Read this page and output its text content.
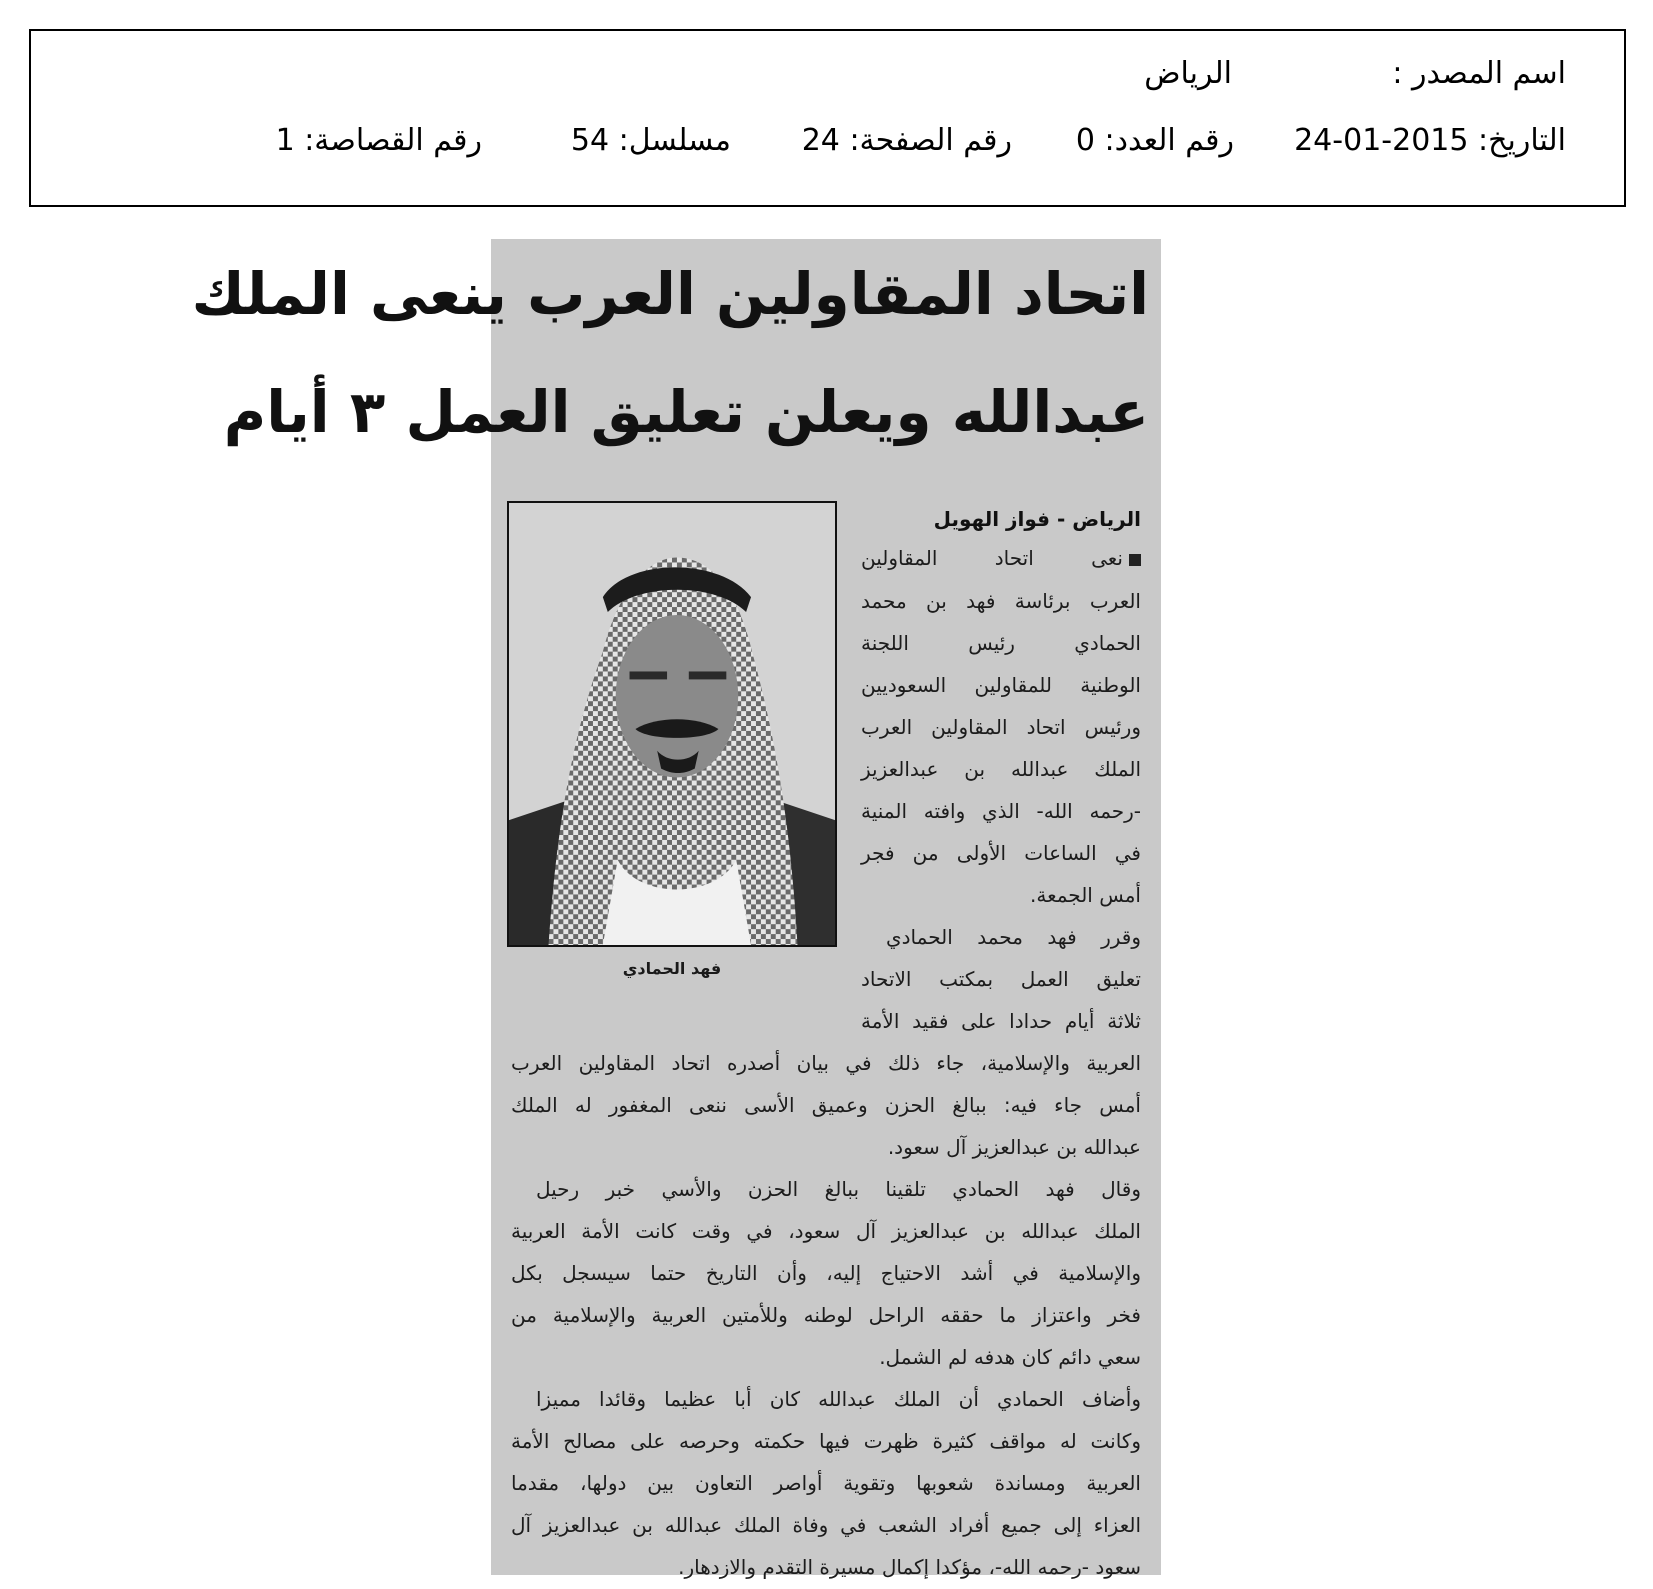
اسم المصدر :
الرياض
التاريخ: 2015-01-24
رقم العدد: 0
رقم الصفحة: 24
مسلسل: 54
رقم القصاصة: 1
اتحاد المقاولين العرب ينعى الملك
عبدالله ويعلن تعليق العمل ٣ أيام
فهد الحمادي
الرياض - فواز الهويل
نعى اتحاد المقاولين
العرب برئاسة فهد بن محمد
الحمادي رئيس اللجنة
الوطنية للمقاولين السعوديين
ورئيس اتحاد المقاولين العرب
الملك عبدالله بن عبدالعزيز
-رحمه الله- الذي وافته المنية
في الساعات الأولى من فجر
أمس الجمعة.
وقرر فهد محمد الحمادي
تعليق العمل بمكتب الاتحاد
ثلاثة أيام حدادا على فقيد الأمة
العربية والإسلامية، جاء ذلك في بيان أصدره اتحاد المقاولين العرب
أمس جاء فيه: ببالغ الحزن وعميق الأسى ننعى المغفور له الملك
عبدالله بن عبدالعزيز آل سعود.
وقال فهد الحمادي تلقينا ببالغ الحزن والأسي خبر رحيل
الملك عبدالله بن عبدالعزيز آل سعود، في وقت كانت الأمة العربية
والإسلامية في أشد الاحتياج إليه، وأن التاريخ حتما سيسجل بكل
فخر واعتزاز ما حققه الراحل لوطنه وللأمتين العربية والإسلامية من
سعي دائم كان هدفه لم الشمل.
وأضاف الحمادي أن الملك عبدالله كان أبا عظيما وقائدا مميزا
وكانت له مواقف كثيرة ظهرت فيها حكمته وحرصه على مصالح الأمة
العربية ومساندة شعوبها وتقوية أواصر التعاون بين دولها، مقدما
العزاء إلى جميع أفراد الشعب في وفاة الملك عبدالله بن عبدالعزيز آل
سعود -رحمه الله-، مؤكدا إكمال مسيرة التقدم والازدهار.
